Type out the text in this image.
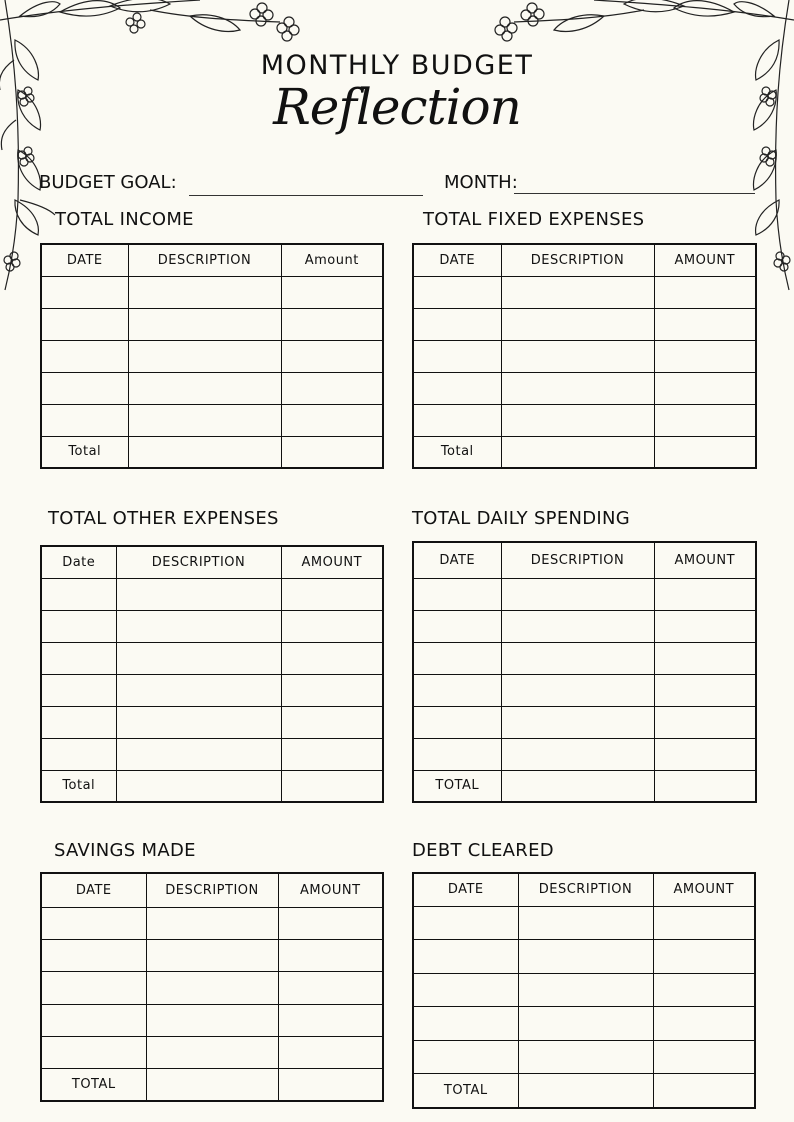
MONTHLY BUDGET
Reflection
BUDGET GOAL:	MONTH:
TOTAL INCOME	TOTAL FIXED EXPENSES
TOTAL OTHER EXPENSES	TOTAL DAILY SPENDING
SAVINGS MADE	DEBT CLEARED
DATE	DESCRIPTION	Amount

Total		
DATE	DESCRIPTION	AMOUNT

Total		
Date	DESCRIPTION	AMOUNT

Total		
DATE	DESCRIPTION	AMOUNT

TOTAL		
DATE	DESCRIPTION	AMOUNT

TOTAL		
DATE	DESCRIPTION	AMOUNT

TOTAL		
